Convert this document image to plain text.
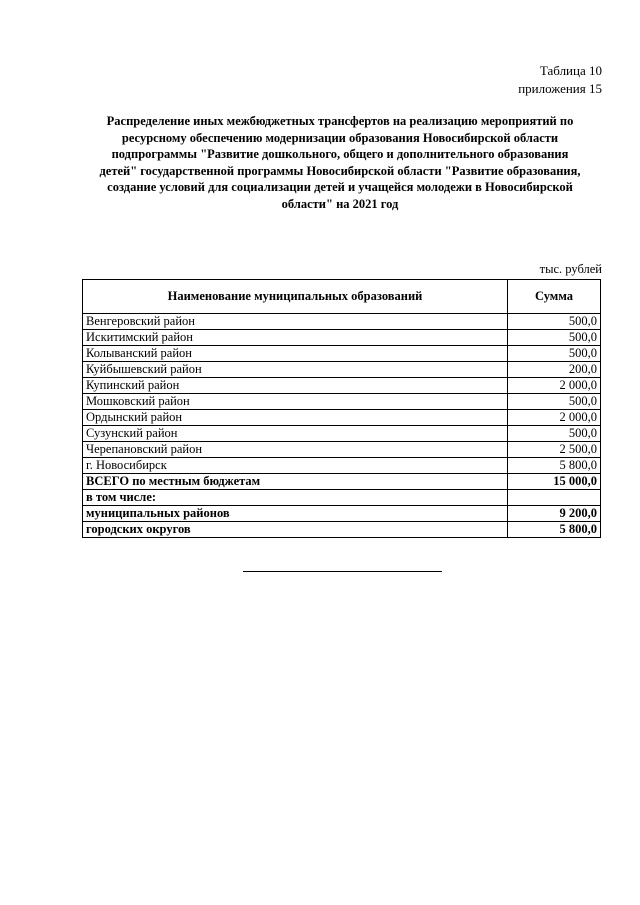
Таблица 10
приложения 15
Распределение иных межбюджетных трансфертов на реализацию мероприятий по
ресурсному обеспечению модернизации образования Новосибирской области
подпрограммы "Развитие дошкольного, общего и дополнительного образования
детей" государственной программы Новосибирской области "Развитие образования,
создание условий для социализации детей и учащейся молодежи в Новосибирской
области" на 2021 год
тыс. рублей
Наименование муниципальных образований	Сумма
Венгеровский район	500,0
Искитимский район	500,0
Колыванский район	500,0
Куйбышевский район	200,0
Купинский район	2 000,0
Мошковский район	500,0
Ордынский район	2 000,0
Сузунский район	500,0
Черепановский район	2 500,0
г. Новосибирск	5 800,0
ВСЕГО по местным бюджетам	15 000,0
в том числе:	
муниципальных районов	9 200,0
городских округов	5 800,0
